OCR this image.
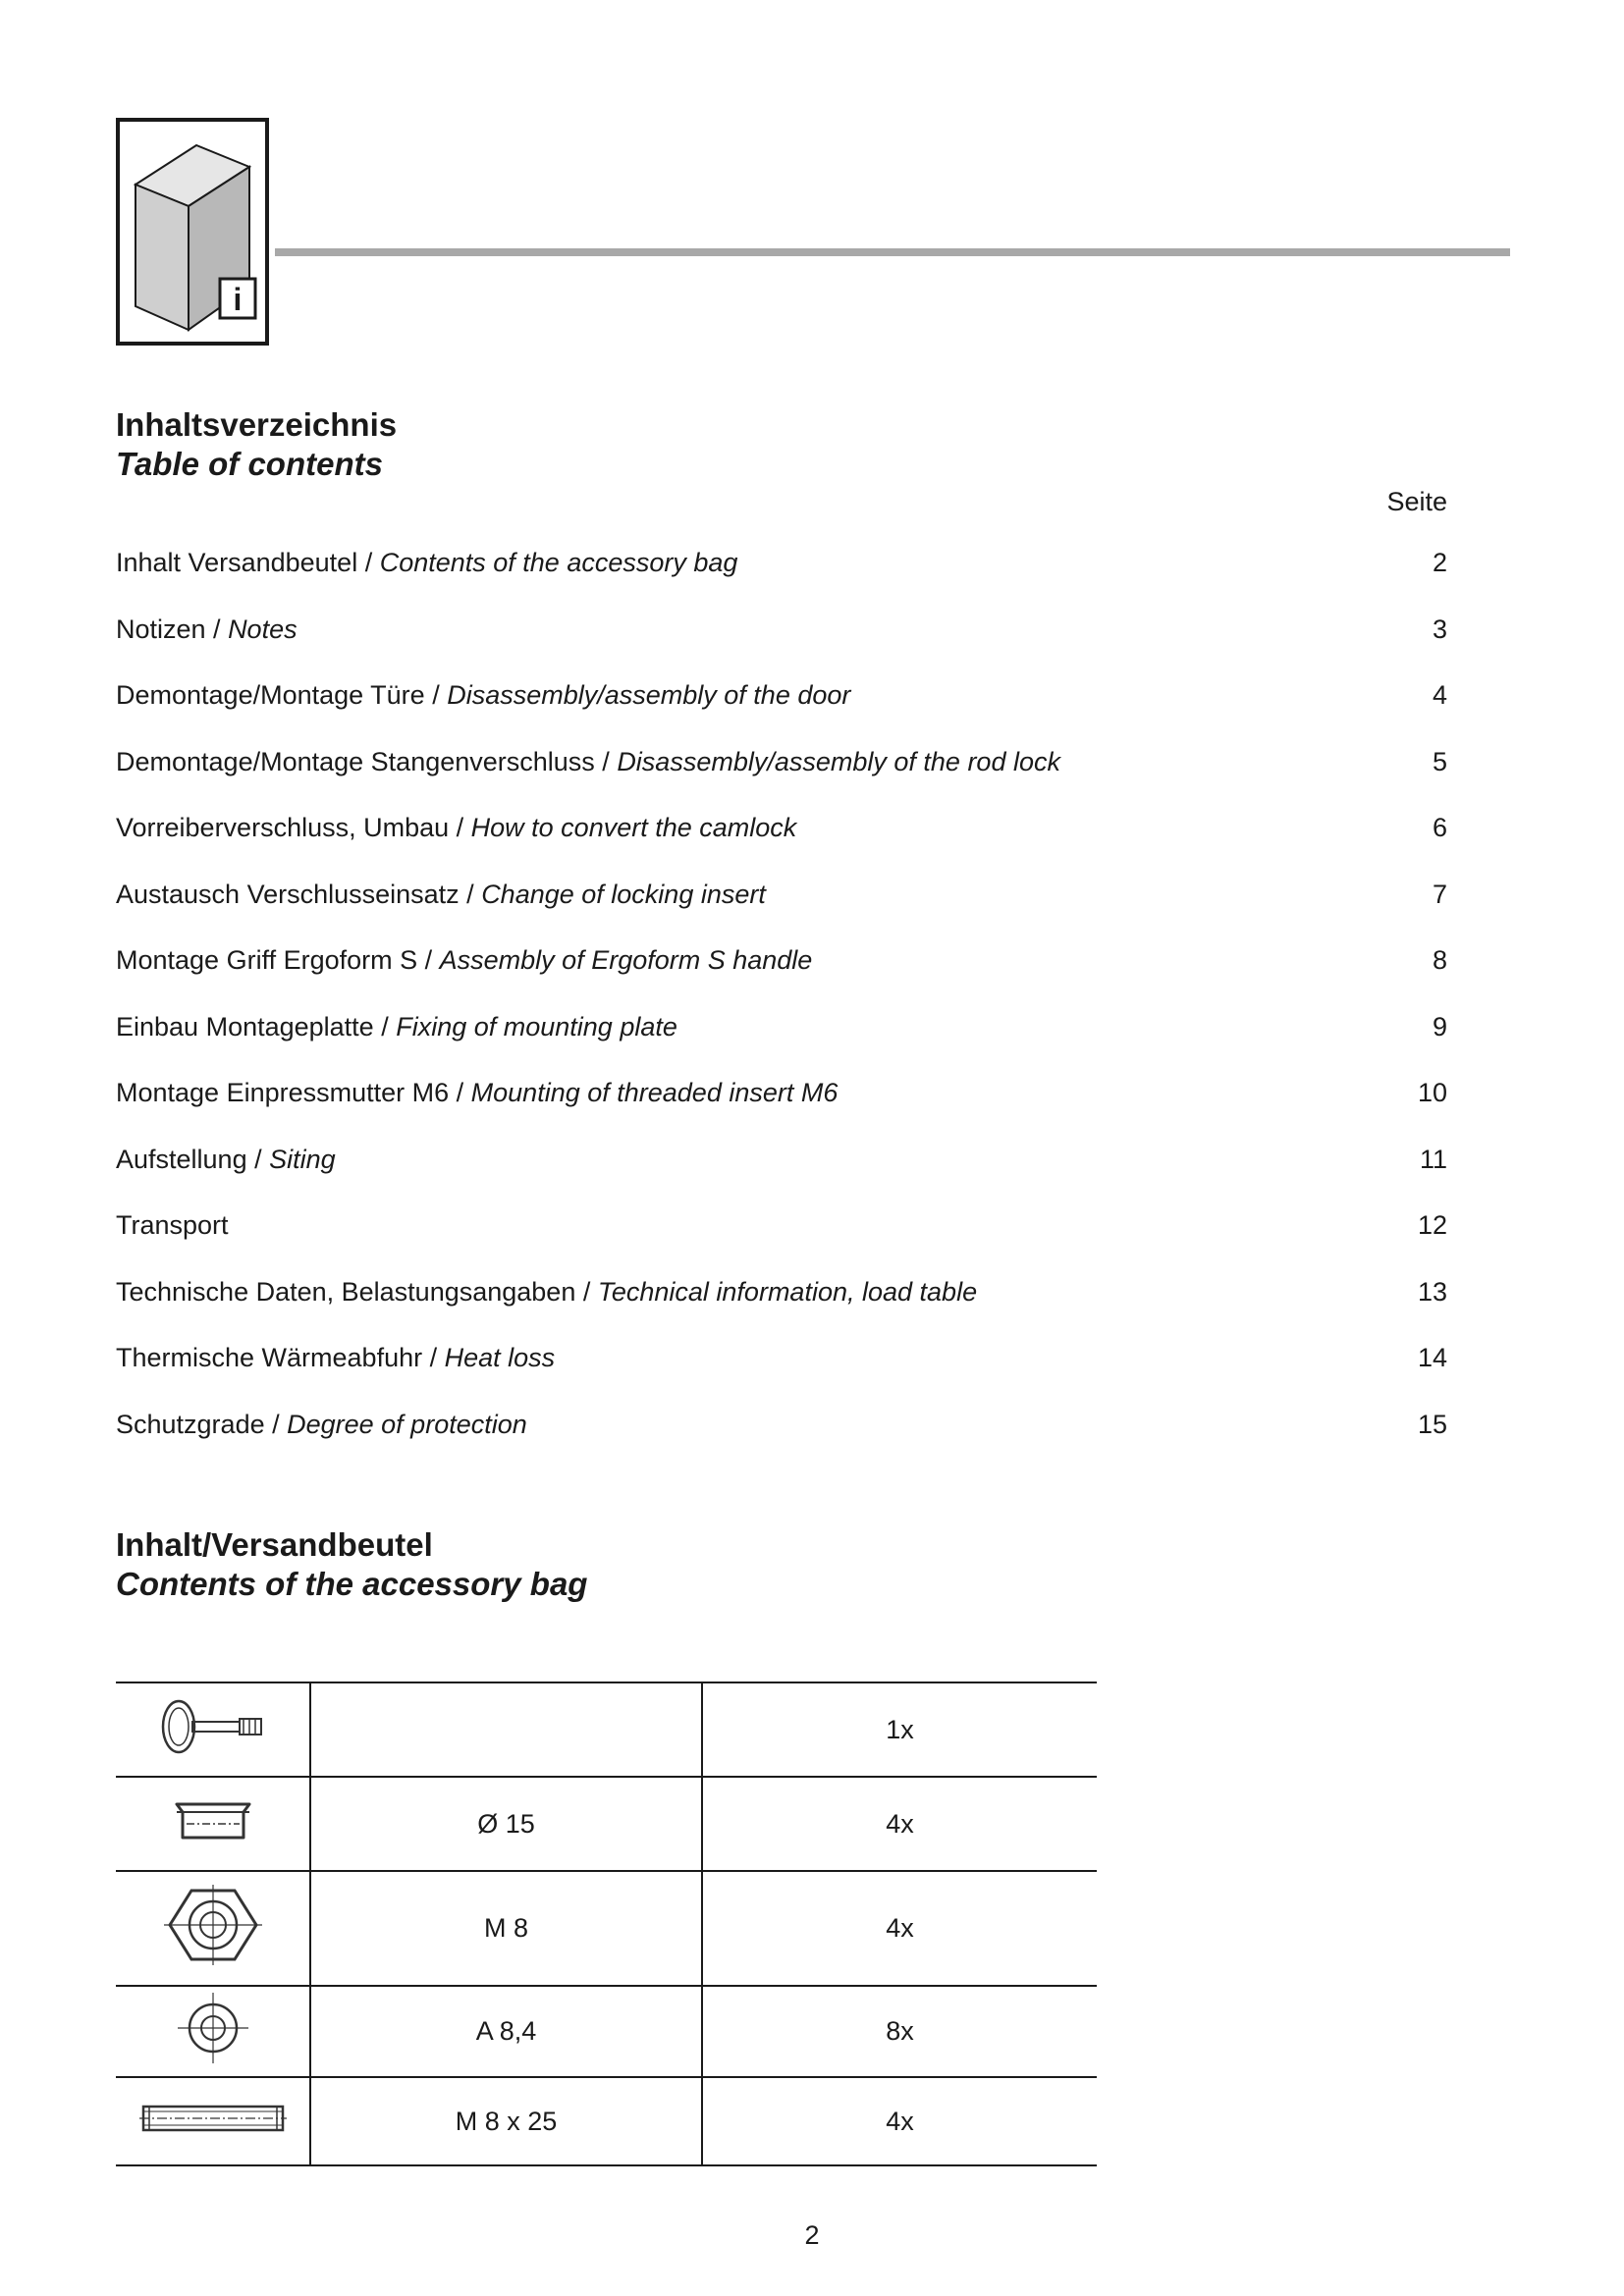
i
Inhaltsverzeichnis
Table of contents
Seite
Inhalt Versandbeutel / Contents of the accessory bag	2
Notizen / Notes	3
Demontage/Montage Türe / Disassembly/assembly of the door	4
Demontage/Montage Stangenverschluss / Disassembly/assembly of the rod lock	5
Vorreiberverschluss, Umbau / How to convert the camlock	6
Austausch Verschlusseinsatz / Change of locking insert	7
Montage Griff Ergoform S / Assembly of Ergoform S handle	8
Einbau Montageplatte / Fixing of mounting plate	9
Montage Einpressmutter M6 / Mounting of threaded insert M6	10
Aufstellung / Siting	11
Transport	12
Technische Daten, Belastungsangaben / Technical information, load table	13
Thermische Wärmeabfuhr / Heat loss	14
Schutzgrade / Degree of protection	15
Inhalt/Versandbeutel
Contents of the accessory bag
		1x
	Ø 15	4x
	M 8	4x
	A 8,4	8x
	M 8 x 25	4x
2
